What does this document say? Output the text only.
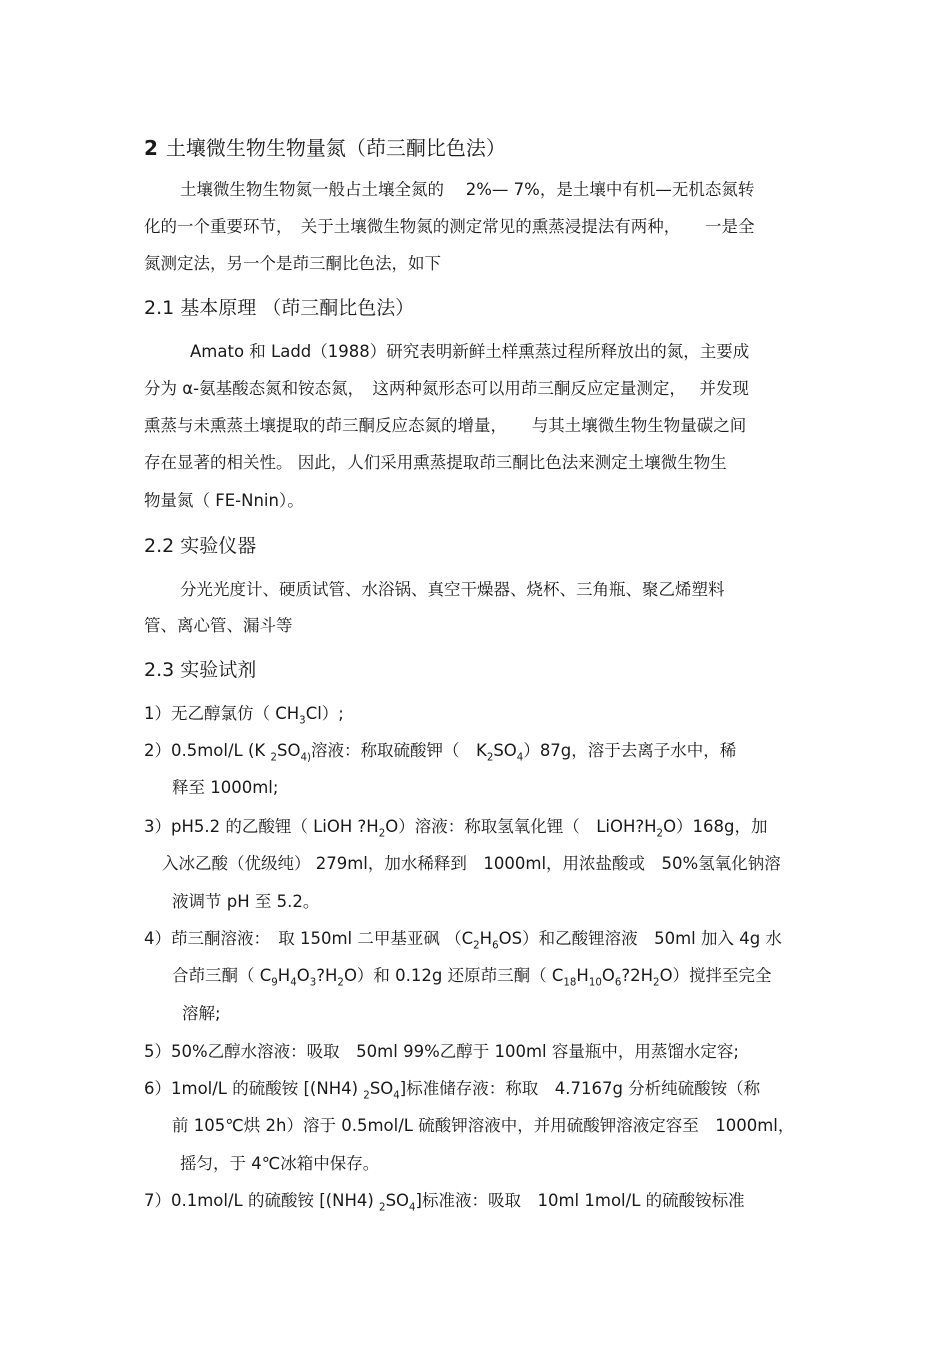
2 土壤微生物生物量氮（茚三酮比色法）
土壤微生物生物氮一般占土壤全氮的　 2%— 7%，是土壤中有机—无机态氮转
化的一个重要环节，　关于土壤微生物氮的测定常见的熏蒸浸提法有两种，　　一是全
氮测定法，另一个是茚三酮比色法，如下
2.1 基本原理 （茚三酮比色法）
Amato 和 Ladd（1988）研究表明新鲜土样熏蒸过程所释放出的氮，主要成
分为 α-氨基酸态氮和铵态氮，　这两种氮形态可以用茚三酮反应定量测定，　 并发现
熏蒸与未熏蒸土壤提取的茚三酮反应态氮的增量，　　与其土壤微生物生物量碳之间
存在显著的相关性。 因此，人们采用熏蒸提取茚三酮比色法来测定土壤微生物生
物量氮（ FE-Nnin）。
2.2 实验仪器
分光光度计、硬质试管、水浴锅、真空干燥器、烧杯、三角瓶、聚乙烯塑料
管、离心管、漏斗等
2.3 实验试剂
1）无乙醇氯仿（ $CH_3Cl$）;
2）0.5mol/L (K $_2SO_{4)}$溶液：称取硫酸钾（　$K_2SO_4)87g$，溶于去离子水中，稀
释至 1000ml;
3）pH5.2 的乙酸锂（ LiOH $?H_2O$）溶液：称取氢氧化锂（　$LiOH?H_2O)168g$，加
入冰乙酸（优级纯） 279ml，加水稀释到　1000ml，用浓盐酸或　50%氢氧化钠溶
液调节 pH 至 5.2。
4）茚三酮溶液：　取 150ml 二甲基亚砜 $(C_2H_6OS)$和乙酸锂溶液　50ml 加入 4g 水
合茚三酮（ $C_9H_4O_3?H_2O$）和 0.12g 还原茚三酮（ $C_{18}H_{10}O_6?2H_2O$）搅拌至完全
溶解;
5）50%乙醇水溶液：吸取　50ml 99%乙醇于 100ml 容量瓶中，用蒸馏水定容;
6）1mol/L 的硫酸铵 [(NH4) $_2SO_4$]标准储存液：称取　4.7167g 分析纯硫酸铵（称
前 105℃烘 2h）溶于 0.5mol/L 硫酸钾溶液中，并用硫酸钾溶液定容至　1000ml，
摇匀，于 4℃冰箱中保存。
7）0.1mol/L 的硫酸铵 [(NH4) $_2SO_4$]标准液：吸取　10ml 1mol/L 的硫酸铵标准
